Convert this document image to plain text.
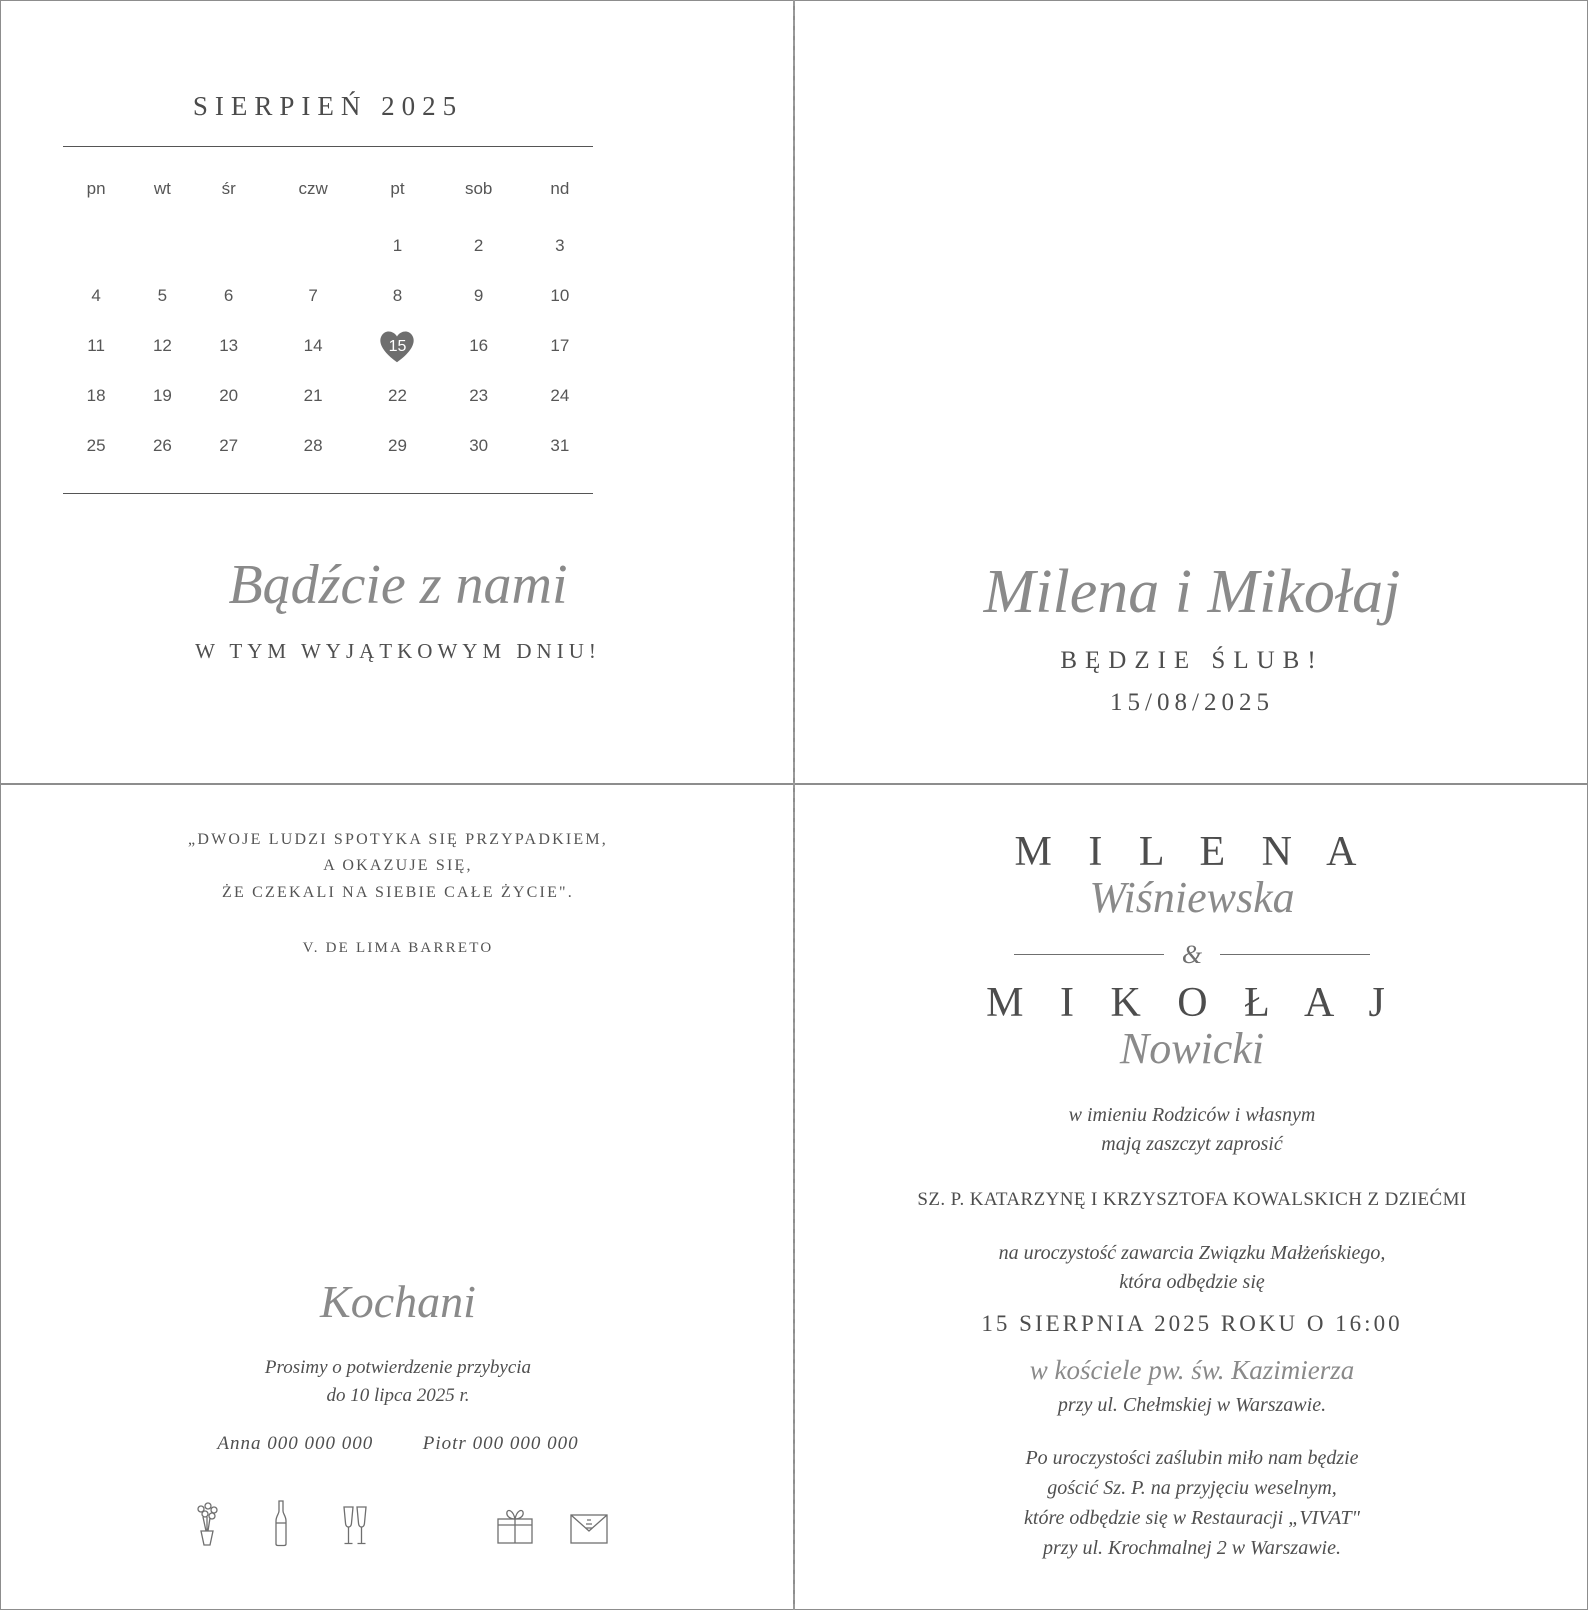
SIERPIEŃ 2025
pn	wt	śr	czw	pt	sob	nd
				1	2	3
4	5	6	7	8	9	10
11	12	13	14	15	16	17
18	19	20	21	22	23	24
25	26	27	28	29	30	31
Bądźcie z nami
W TYM WYJĄTKOWYM DNIU!
Milena i Mikołaj
BĘDZIE ŚLUB!
15/08/2025

„DWOJE LUDZI SPOTYKA SIĘ PRZYPADKIEM,

A OKAZUJE SIĘ,

ŻE CZEKALI NA SIEBIE CAŁE ŻYCIE".

V. DE LIMA BARRETO

Kochani
Prosimy o potwierdzenie przybycia
do 10 lipca 2025 r.
Anna 000 000 000	Piotr 000 000 000
M I L E N A
Wiśniewska
&
M I K O Ł A J
Nowicki
w imieniu Rodziców i własnym
mają zaszczyt zaprosić
SZ. P. KATARZYNĘ I KRZYSZTOFA KOWALSKICH Z DZIEĆMI
na uroczystość zawarcia Związku Małżeńskiego,
która odbędzie się
15 SIERPNIA 2025 ROKU O 16:00
w kościele pw. św. Kazimierza
przy ul. Chełmskiej w Warszawie.
Po uroczystości zaślubin miło nam będzie
gościć Sz. P. na przyjęciu weselnym,
które odbędzie się w Restauracji „VIVAT"
przy ul. Krochmalnej 2 w Warszawie.
